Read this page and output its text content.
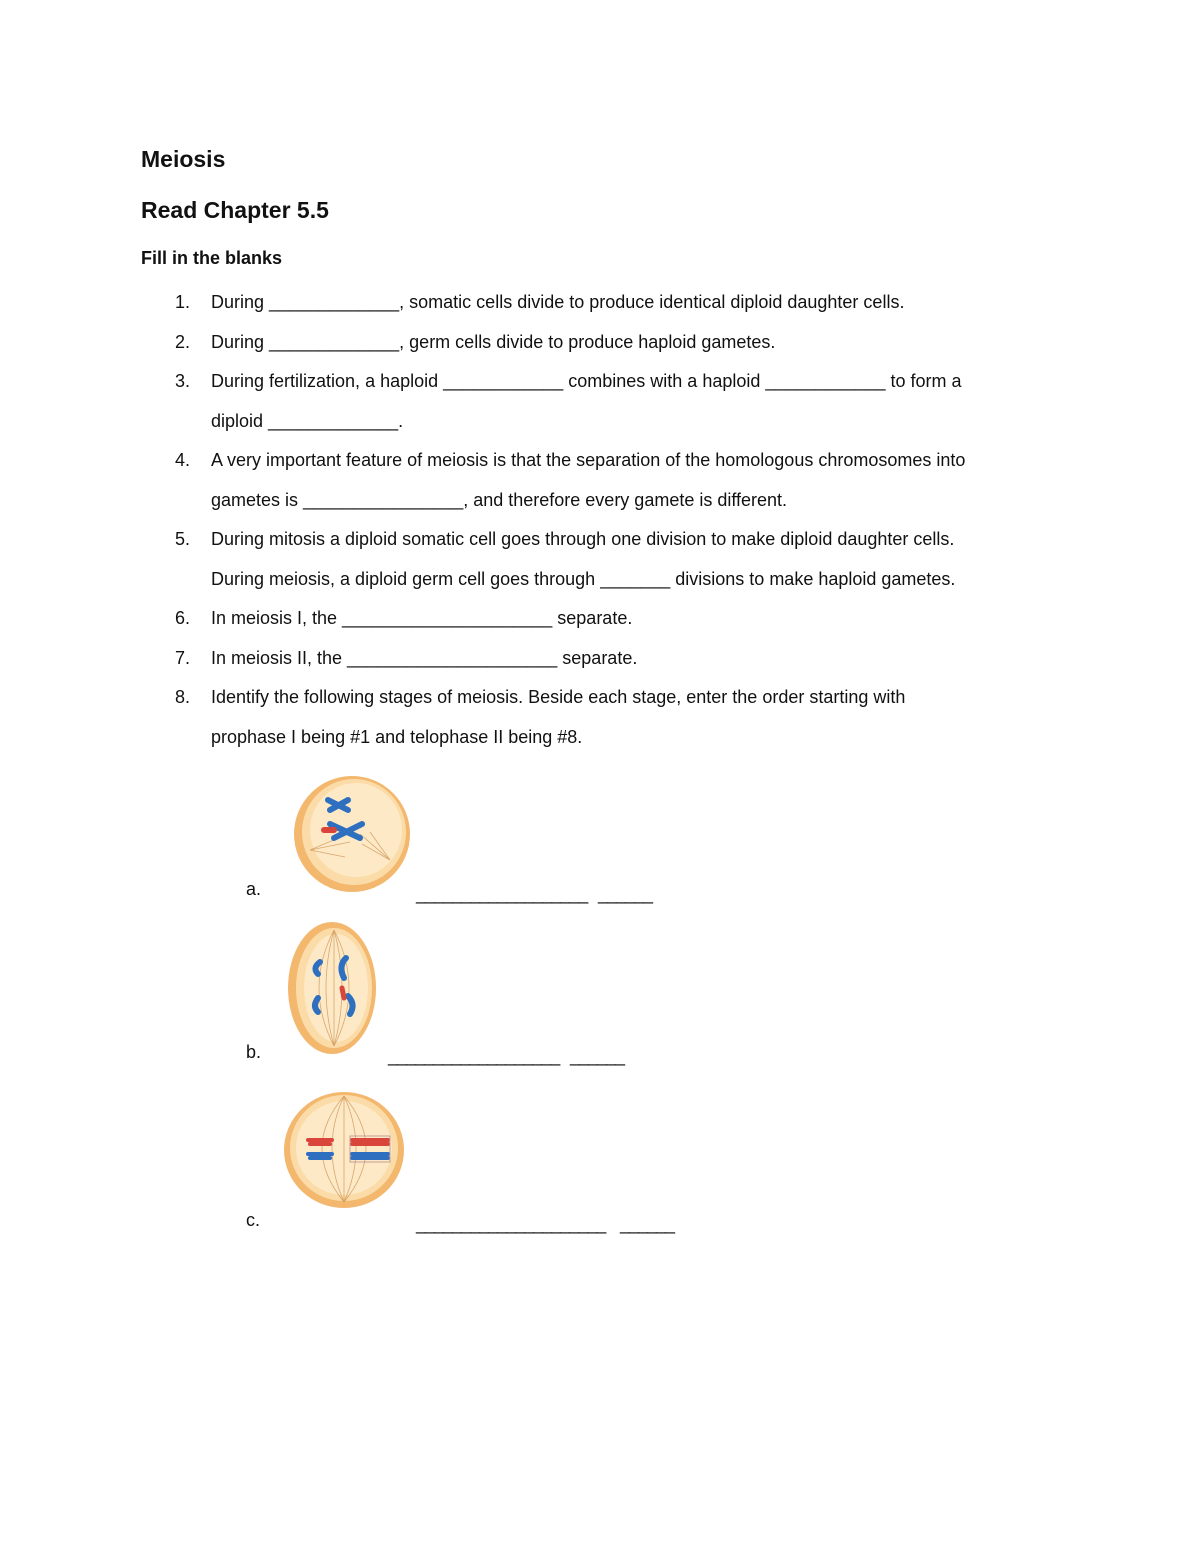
Meiosis
Read Chapter 5.5
Fill in the blanks
1. During _____________, somatic cells divide to produce identical diploid daughter cells.
2. During _____________, germ cells divide to produce haploid gametes.
3. During fertilization, a haploid ____________ combines with a haploid ____________ to form a
diploid _____________.
4. A very important feature of meiosis is that the separation of the homologous chromosomes into
gametes is ________________, and therefore every gamete is different.
5. During mitosis a diploid somatic cell goes through one division to make diploid daughter cells.
During meiosis, a diploid germ cell goes through _______ divisions to make haploid gametes.
6. In meiosis I, the _____________________ separate.
7. In meiosis II, the _____________________ separate.
8. Identify the following stages of meiosis. Beside each stage, enter the order starting with
prophase I being #1 and telophase II being #8.
a.	___________________ ______
b.	___________________ ______
c.	_____________________ ______
